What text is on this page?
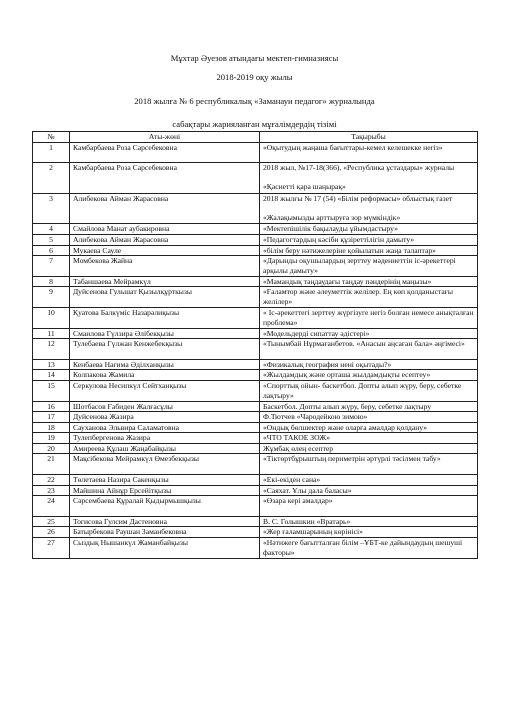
Мұхтар Әуезов атындағы мектеп-гимназиясы
2018-2019 оқу жылы
2018 жылға № 6 республикалық «Заманауи педагог» журналында
сабақтары жарияланған мұғалімдердің тізімі
№	Аты-жөні	Тақырыбы
1	Камбарбаева Роза Сарсебековна	«Оқытудың жаңаша бағыттары-кемел келешекке негіз»
2	Камбарбаева Роза Сарсебековна	2018 жыл, №17-18(366), «Республика ұстаздары» журналы

«Қасиетті қара шаңырақ»
3	Алибекова Айман Жарасовна	2018 жылғы № 17 (54) «Білім реформасы» облыстық газет

«Жалақымызды арттыруға зор мүмкіндік»
4	Смайлова Манат аубакировна	«Мектепішілік бақылауды ұйымдастыру»
5	Алибекова Айман Жарасовна	«Педагогтардың кәсіби құзіреттілігін дамыту»
6	Мукаева Сауле	«білім беру нәтижелеріне қойылатын жаңа талаптар»
7	Момбекова Жайна	«Дарынды оқушылардың зерттеу мәдениеттін іс-әрекеттері арқылы дамыту»
8	Табаншаева Мейрамкүл	«Мамандық таңдаудағы таңдау пәндерінің маңызы»
9	Дуйсенова Гульшат Қызылқұрткызы	«Ғаламтор және әлеуметтік желілер. Ең көп қолданыстағы желілер»
10	Қуатова Балкүміс Назарәлиқызы	« Іс-әрекеттегі зерттеу жүргізуге негіз болған немесе анықталған проблема»
11	Смаилова Гүлзира Әлібекқызы	«Модельдерді сипаттау әдістері»
12	Тулебаева Гүлжан Кенжебекқызы	«Тынымбай Нұрмағанбетов. «Анасын аңсаған бала» әңгімесі»
13	Кенбаева Нағима Әділханқызы	«Физикалық география нені оқытады?»
14	Колпакова Жамила	«Жылдамдық және орташа жылдамдықты есептеу»
15	Серкулова Несипкүл Сейтханқызы	«Спорттық ойын- баскетбол. Допты алып жүру, беру, себетке лақтыру»
16	Шотбасов Ғабиден Жалғасұлы	Баскетбол. Допты алып жүру, беру, себетке лақтыру
17	Дуйсенова Жазира	Ф.Тютчев «Чародейкою зимою»
18	Сауханова Эльвира Саламатовна	«Ондық бөлшектер және оларға амалдар қолдану»
19	Тулепбергенова Жазира	«ЧТО ТАКОЕ ЗОЖ»
20	Амиреева Құлаш Жаңабайқызы	Жұмбақ өлең есептер
21	Мақсібекова Мейрамкүл Өмезбекқызы	«Тіктөртбұрыштың периметрін әртүрлі тәсілмен табу»
22	Төлетаева Назира Сакенқызы	«Екі-екіден сана»
23	Майшина Айнұр Ерсейітқызы	«Саяхат. Ұлы дала баласы»
24	Сәрсембаева Құралай Қыдырмышқызы	«Өзара кері амалдар»
25	Тогисова Гулсим Дастеновна	В. С. Голышкин «Вратарь»
26	Батырбекова Раушан Заманбековна	«Жер ғаламшарының көрінісі»
27	Сыздық Нышанкүл Жаманбайқызы	«Нәтижеге бағытталған білім –ҰБТ-ке дайындаудың шешуші факторы»
